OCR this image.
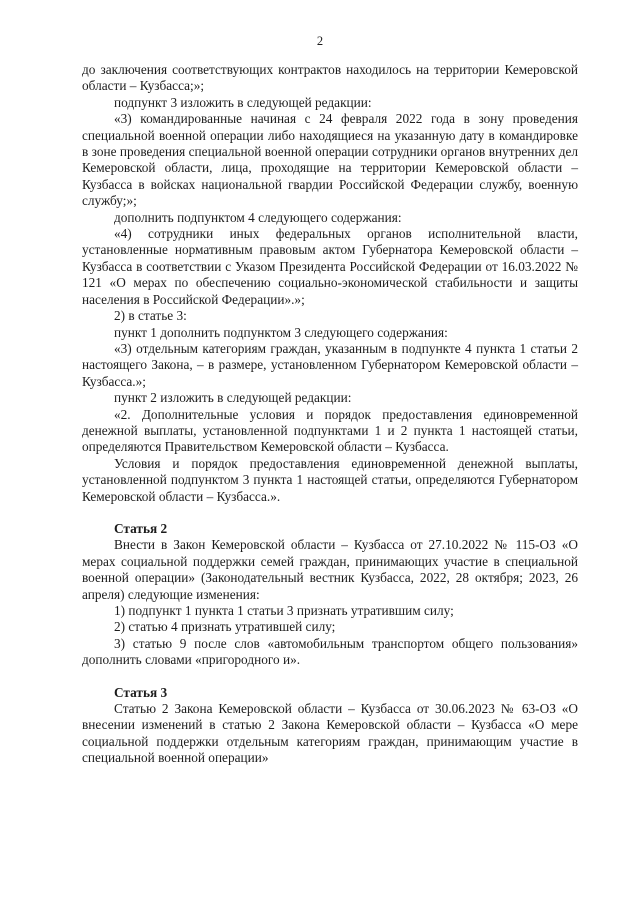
2

до заключения соответствующих контрактов находилось на территории Кемеровской области – Кузбасса;»;

подпункт 3 изложить в следующей редакции:

«3) командированные начиная с 24 февраля 2022 года в зону проведения специальной военной операции либо находящиеся на указанную дату в командировке в зоне проведения специальной военной операции сотрудники органов внутренних дел Кемеровской области, лица, проходящие на территории Кемеровской области – Кузбасса в войсках национальной гвардии Российской Федерации службу, военную службу;»;

дополнить подпунктом 4 следующего содержания:

«4) сотрудники иных федеральных органов исполнительной власти, установленные нормативным правовым актом Губернатора Кемеровской области – Кузбасса в соответствии с Указом Президента Российской Федерации от 16.03.2022 № 121 «О мерах по обеспечению социально-экономической стабильности и защиты населения в Российской Федерации».»;

2) в статье 3:

пункт 1 дополнить подпунктом 3 следующего содержания:

«3) отдельным категориям граждан, указанным в подпункте 4 пункта 1 статьи 2 настоящего Закона, – в размере, установленном Губернатором Кемеровской области – Кузбасса.»;

пункт 2 изложить в следующей редакции:

«2. Дополнительные условия и порядок предоставления единовременной денежной выплаты, установленной подпунктами 1 и 2 пункта 1 настоящей статьи, определяются Правительством Кемеровской области – Кузбасса.

Условия и порядок предоставления единовременной денежной выплаты, установленной подпунктом 3 пункта 1 настоящей статьи, определяются Губернатором Кемеровской области – Кузбасса.».

Статья 2

Внести в Закон Кемеровской области – Кузбасса от 27.10.2022 № 115-ОЗ «О мерах социальной поддержки семей граждан, принимающих участие в специальной военной операции» (Законодательный вестник Кузбасса, 2022, 28 октября; 2023, 26 апреля) следующие изменения:

1) подпункт 1 пункта 1 статьи 3 признать утратившим силу;

2) статью 4 признать утратившей силу;

3) статью 9 после слов «автомобильным транспортом общего пользования» дополнить словами «пригородного и».

Статья 3

Статью 2 Закона Кемеровской области – Кузбасса от 30.06.2023 № 63-ОЗ «О внесении изменений в статью 2 Закона Кемеровской области – Кузбасса «О мере социальной поддержки отдельным категориям граждан, принимающим участие в специальной военной операции»
